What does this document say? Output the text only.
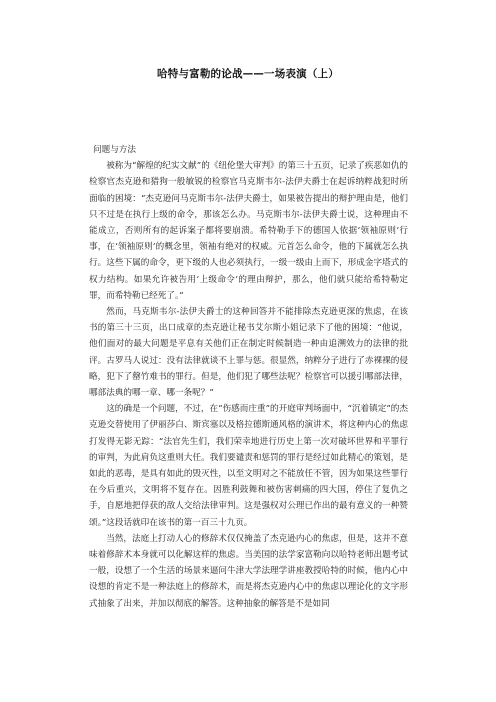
哈特与富勒的论战——一场表演（上）
问题与方法

被称为“解煌的纪实文献”的《纽伦堡大审判》的第三十五页，记录了疾恶如仇的检察官杰克逊和猎狗一般敏锐的检察官马克斯韦尔-法伊夫爵士在起诉纳粹战犯时所面临的困境：“杰克逊问马克斯韦尔-法伊夫爵士，如果被告提出的辩护理由是，他们只不过是在执行上级的命令，那该怎么办。马克斯韦尔-法伊夫爵士说，这种理由不能成立，否则所有的起诉案子都将要崩溃。希特勒手下的德国人依据‘领袖原则’行事，在‘领袖原则’的概念里，领袖有绝对的权威。元首怎么命令，他的下属就怎么执行。这些下属的命令，更下级的人也必须执行，一级一级由上而下，形成金字塔式的权力结构。如果允许被告用‘上级命令’的理由辩护，那么，他们就只能给希特勒定罪，而希特勒已经死了。”

然而，马克斯韦尔-法伊夫爵士的这种回答并不能排除杰克逊更深的焦虑，在该书的第三十三页，出口成章的杰克逊让秘书艾尔斯小姐记录下了他的困境：“他说，他们面对的最大问题是平息有关他们正在制定时候制造一种由追溯效力的法律的批评。古罗马人说过：没有法律就谈不上罪与惩。很显然，纳粹分子进行了赤裸裸的侵略，犯下了罄竹难书的罪行。但是，他们犯了哪些法呢？检察官可以援引哪部法律，哪部法典的哪一章、哪一条呢？”

这的确是一个问题，不过，在“伤感而庄重”的开庭审判场面中，“沉着镇定”的杰克逊交替使用了伊丽莎白、斯宾塞以及格拉德斯通风格的演讲术，将这种内心的焦虑打发得无影无踪：“法官先生们，我们荣幸地进行历史上第一次对破坏世界和平罪行的审判，为此肩负这重则大任。我们要谴责和惩罚的罪行是经过如此精心的策划，是如此的恶毒，是具有如此的毁灭性，以至文明对之不能放任不管，因为如果这些罪行在今后重兴，文明将不复存在。因胜利鼓舞和被伤害刺痛的四大国，停住了复仇之手，自愿地把俘获的敌人交给法律审判。这是强权对公理已作出的最有意义的一种赞颂。”这段话就印在该书的第一百三十九页。

当然，法庭上打动人心的修辞术仅仅掩盖了杰克逊内心的焦虑，但是，这并不意味着修辞术本身就可以化解这样的焦虑。当美国的法学家富勒向以哈特老师出题考试一般，设想了一个生活的场景来逼问牛津大学法理学讲座教授哈特的时候，他内心中设想的肯定不是一种法庭上的修辞术，而是将杰克逊内心中的焦虑以理论化的文字形式抽象了出来，并加以彻底的解答。这种抽象的解答是不是如同
